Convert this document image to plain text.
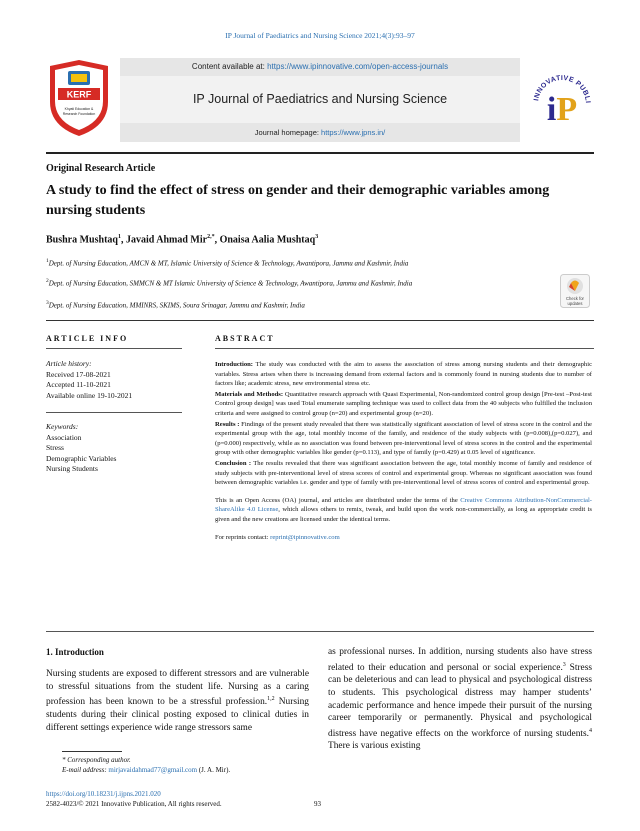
IP Journal of Paediatrics and Nursing Science 2021;4(3):93–97
KERF
Khyati Education &
Research Foundation
Content available at: https://www.ipinnovative.com/open-access-journals
IP Journal of Paediatrics and Nursing Science
Journal homepage: https://www.jpns.in/
INNOVATIVE PUBLI
iP
Original Research Article
A study to find the effect of stress on gender and their demographic variables among nursing students
Bushra Mushtaq$^1$, Javaid Ahmad Mir$^{2,*}$, Onaisa Aalia Mushtaq$^3$
$^1$Dept. of Nursing Education, AMCN & MT, Islamic University of Science & Technology, Awantipora, Jammu and Kashmir, India
$^2$Dept. of Nursing Education, SMMCN & MT Islamic University of Science & Technology, Awantipora, Jammu and Kashmir, India
$^3$Dept. of Nursing Education, MMINRS, SKIMS, Soura Srinagar, Jammu and Kashmir, India
Check for
updates
ARTICLE INFO
Article history:
Received 17-08-2021
Accepted 11-10-2021
Available online 19-10-2021
Keywords:
Association
Stress
Demographic Variables
Nursing Students
ABSTRACT

Introduction: The study was conducted with the aim to assess the association of stress among nursing students and their demographic variables. Stress arises when there is increasing demand from external factors and is commonly found in nursing students due to number of factors like; academic stress, new environmental stress etc.

Materials and Methods: Quantitative research approach with Quasi Experimental, Non-randomized control group design [Pre-test –Post-test Control group design] was used Total enumerate sampling technique was used to collect data from the 40 subjects who fulfilled the inclusion criteria and were assigned to control group (n=20) and experimental group (n=20).

Results : Findings of the present study revealed that there was statistically significant association of level of stress score in the control and the experimental group with the age, total monthly income of the family, and residence of the study subjects with (p=0.008),(p=0.027), and (p=0.000) respectively, while as no association was found between pre-interventional level of stress scores in the control and the experimental group with other demographic variables like gender (p=0.113), and type of family (p=0.429) at 0.05 level of significance.

Conclusion : The results revealed that there was significant association between the age, total monthly income of family and residence of study subjects with pre-interventional level of stress scores of control and experimental group. Whereas no significant association was found between demographic variables i.e. gender and type of family with pre-interventional level of stress scores of control and experimental group.

This is an Open Access (OA) journal, and articles are distributed under the terms of the Creative Commons Attribution-NonCommercial-ShareAlike 4.0 License, which allows others to remix, tweak, and build upon the work non-commercially, as long as appropriate credit is given and the new creations are licensed under the identical terms.

For reprints contact: reprint@ipinnovative.com

1. Introduction
Nursing students are exposed to different stressors and are vulnerable to stressful situations from the student life. Nursing as a caring profession has been known to be a stressful profession.$^{1,2}$ Nursing students during their clinical posting exposed to clinical duties in different settings experience wide range stressors same
as professional nurses. In addition, nursing students also have stress related to their education and personal or social experience.$^3$ Stress can be deleterious and can lead to physical and psychological distress to students. This psychological distress may hamper students’ academic performance and hence impede their pursuit of the nursing career temporarily or permanently. Physical and psychological distress have negative effects on the workforce of nursing students.$^4$ There is various existing
* Corresponding author.
E-mail address: mirjavaidahmad77@gmail.com (J. A. Mir).
https://doi.org/10.18231/j.ijpns.2021.020
2582-4023/© 2021 Innovative Publication, All rights reserved.	93
